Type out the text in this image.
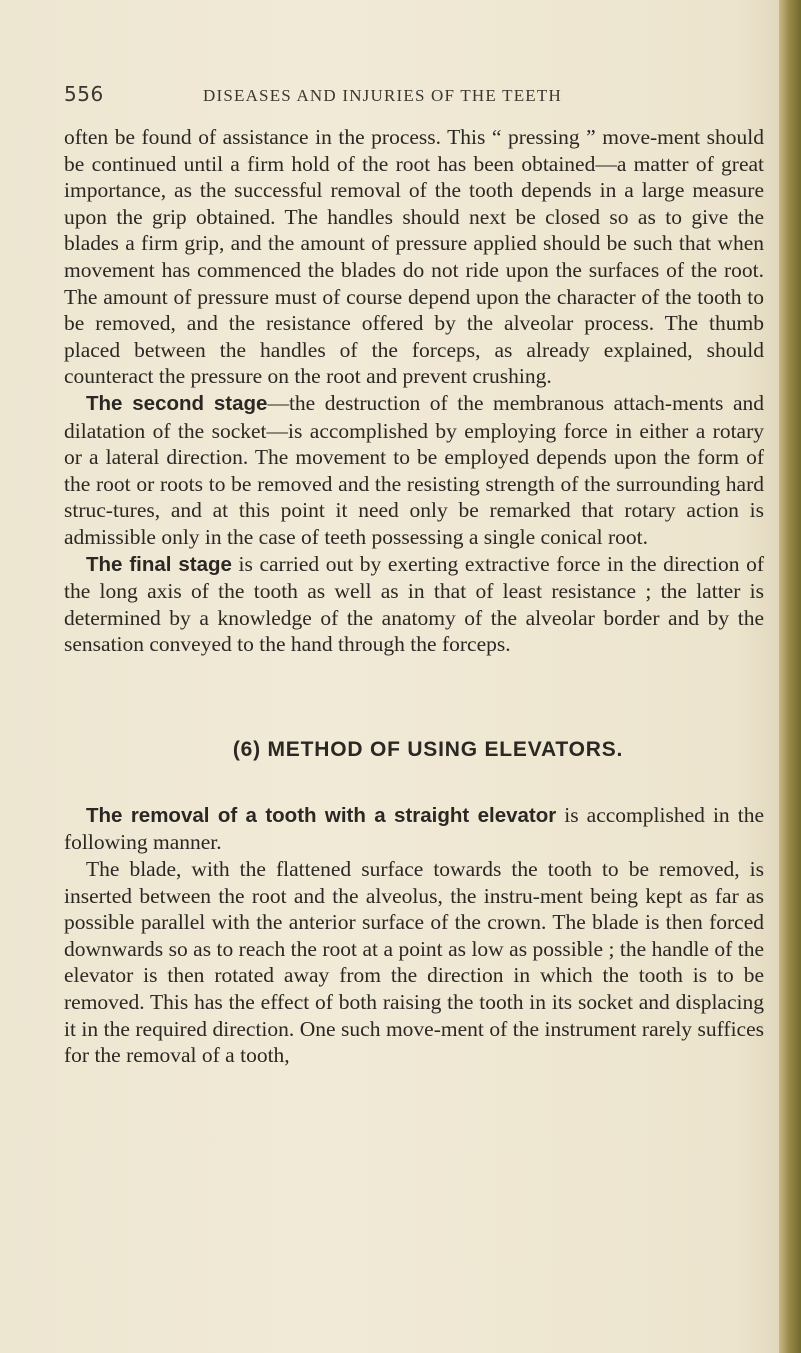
556	DISEASES AND INJURIES OF THE TEETH

often be found of assistance in the process. This “ pressing ” move-ment should be continued until a firm hold of the root has been obtained—a matter of great importance, as the successful removal of the tooth depends in a large measure upon the grip obtained. The handles should next be closed so as to give the blades a firm grip, and the amount of pressure applied should be such that when movement has commenced the blades do not ride upon the surfaces of the root. The amount of pressure must of course depend upon the character of the tooth to be removed, and the resistance offered by the alveolar process. The thumb placed between the handles of the forceps, as already explained, should counteract the pressure on the root and prevent crushing.

The second stage—the destruction of the membranous attach-ments and dilatation of the socket—is accomplished by employing force in either a rotary or a lateral direction. The movement to be employed depends upon the form of the root or roots to be removed and the resisting strength of the surrounding hard struc-tures, and at this point it need only be remarked that rotary action is admissible only in the case of teeth possessing a single conical root.

The final stage is carried out by exerting extractive force in the direction of the long axis of the tooth as well as in that of least resistance ; the latter is determined by a knowledge of the anatomy of the alveolar border and by the sensation conveyed to the hand through the forceps.

(6) METHOD OF USING ELEVATORS.

The removal of a tooth with a straight elevator is accomplished in the following manner.

The blade, with the flattened surface towards the tooth to be removed, is inserted between the root and the alveolus, the instru-ment being kept as far as possible parallel with the anterior surface of the crown. The blade is then forced downwards so as to reach the root at a point as low as possible ; the handle of the elevator is then rotated away from the direction in which the tooth is to be removed. This has the effect of both raising the tooth in its socket and displacing it in the required direction. One such move-ment of the instrument rarely suffices for the removal of a tooth,
